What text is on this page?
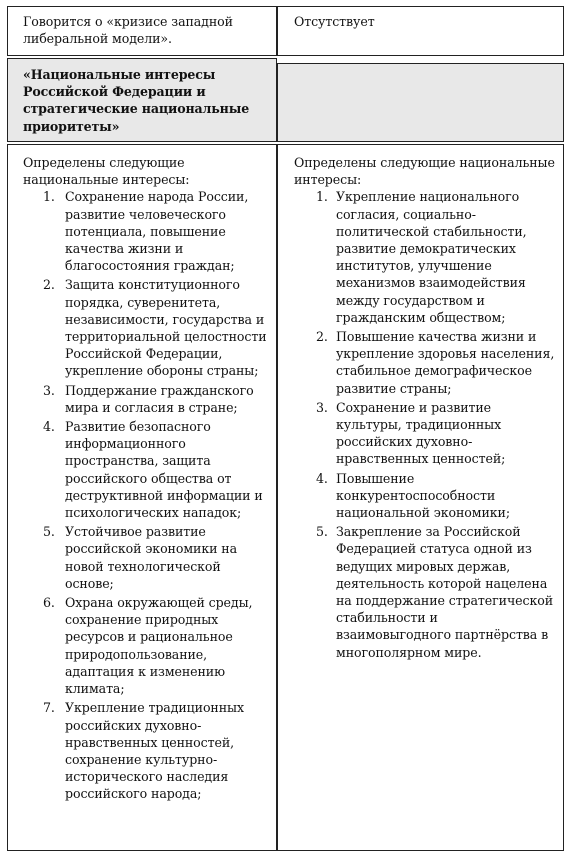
Говорится о «кризисе западной либеральной модели».
Отсутствует
«Национальные интересы Российской Федерации и стратегические национальные приоритеты»

Определены следующие национальные интересы:

1. Сохранение народа России, развитие человеческого потенциала, повышение качества жизни и благосостояния граждан;
2. Защита конституционного порядка, суверенитета, независимости, государства и территориальной целостности Российской Федерации, укрепление обороны страны;
3. Поддержание гражданского мира и согласия в стране;
4. Развитие безопасного информационного пространства, защита российского общества от деструктивной информации и психологических нападок;
5. Устойчивое развитие российской экономики на новой технологической основе;
6. Охрана окружающей среды, сохранение природных ресурсов и рациональное природопользование, адаптация к изменению климата;
7. Укрепление традиционных российских духовно-нравственных ценностей, сохранение культурно-исторического наследия российского народа;

Определены следующие национальные интересы:

1. Укрепление национального согласия, социально-политической стабильности, развитие демократических институтов, улучшение механизмов взаимодействия между государством и гражданским обществом;
2. Повышение качества жизни и укрепление здоровья населения, стабильное демографическое развитие страны;
3. Сохранение и развитие культуры, традиционных российских духовно-нравственных ценностей;
4. Повышение конкурентоспособности национальной экономики;
5. Закрепление за Российской Федерацией статуса одной из ведущих мировых держав, деятельность которой нацелена на поддержание стратегической стабильности и взаимовыгодного партнёрства в многополярном мире.
